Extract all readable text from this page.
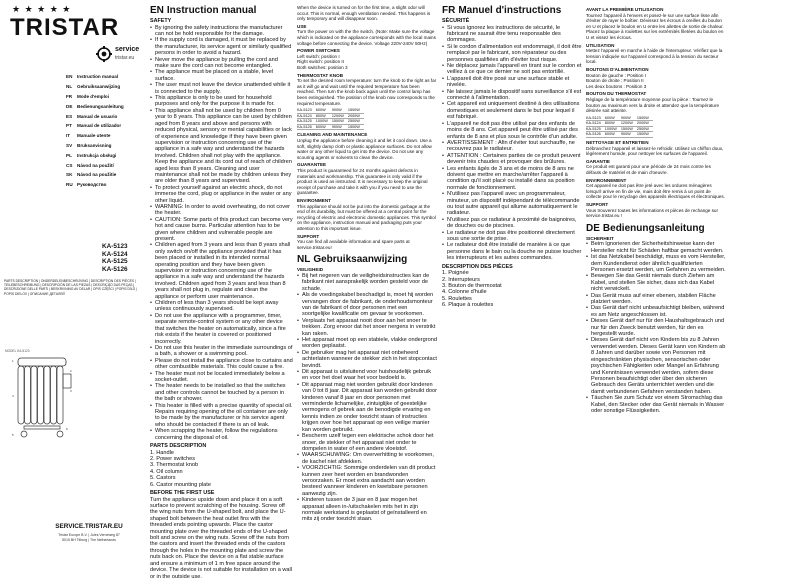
★ ★ ★ ★ ★
TRISTAR
service
tristar.eu
EN	Instruction manual
NL	Gebruiksaanwijzing
FR	Mode d'emploi
DE	Bedienungsanleitung
ES	Manual de usuario
PT	Manual de utilizador
IT	Manuale utente
SV	Bruksanvisning
PL	Instrukcja obsługi
CS	Návod na použití
SK	Návod na použitie
RU Руководство
KA-5123
KA-5124
KA-5125
KA-5126
PARTS DESCRIPTION | ONDERDELENBESCHRIJVING | DESCRIPTION DES PIÈCES | TEILEBESCHREIBUNG | DESCRIPCIÓN DE LAS PIEZAS | DESCRIÇÃO DAS PEÇAS | DESCRIZIONE DELLE PARTI | BESKRIVNING AV DELAR | OPIS CZĘŚCI | POPIS DÍLŮ | POPIS DIELOV | ОПИСАНИЕ ДЕТАЛЕЙ
MODEL KA-5123
1
2
3
4
5
6
SERVICE.TRISTAR.EU
Tristar Europe B.V. | Jules Verneweg 87
5015 BH Tilburg | The Netherlands
EN Instruction manual
SAFETY
• By ignoring the safety instructions the manufacturer can not be hold responsible for the damage.
• If the supply cord is damaged, it must be replaced by the manufacturer, its service agent or similarly qualified persons in order to avoid a hazard.
• Never move the appliance by pulling the cord and make sure the cord can not become entangled.
• The appliance must be placed on a stable, level surface.
• The user must not leave the device unattended while it is connected to the supply.
• This appliance is only to be used for household purposes and only for the purpose it is made for.
• This appliance shall not be used by children from 0 year to 8 years. This appliance can be used by children aged from 8 years and above and persons with reduced physical, sensory or mental capabilities or lack of experience and knowledge if they have been given supervision or instruction concerning use of the appliance in a safe way and understand the hazards involved. Children shall not play with the appliance. Keep the appliance and its cord out of reach of children aged less than 8 years. Cleaning and user maintenance shall not be made by children unless they are older than 8 years and supervised.
• To protect yourself against an electric shock, do not immerse the cord, plug or appliance in the water or any other liquid.
• WARNING: In order to avoid overheating, do not cover the heater.
• CAUTION: Some parts of this product can become very hot and cause burns. Particular attention has to be given where children and vulnerable people are present.
• Children aged from 3 years and less than 8 years shall only switch on/off the appliance provided that it has been placed or installed in its intended normal operating position and they have been given supervision or instruction concerning use of the appliance in a safe way and understand the hazards involved. Children aged from 3 years and less than 8 years shall not plug in, regulate and clean the appliance or perform user maintenance.
• Children of less than 3 years should be kept away unless continuously supervised.
• Do not use the appliance with a programmer, timer, separate remote-control system or any other device that switches the heater on automatically, since a fire risk exists if the heater is covered or positioned incorrectly.
• Do not use this heater in the immediate surroundings of a bath, a shower or a swimming pool.
• Please do not install the appliance close to curtains and other combustible materials. This could cause a fire.
• The heater must not be located immediately below a socket-outlet.
• The heater needs to be installed so that the switches and other controls cannot be touched by a person in the bath or shower.
• This heater is filled with a precise quantity of special oil. Repairs requiring opening of the oil container are only to be made by the manufacturer or his service agent who should be contacted if there is an oil leak.
• When scrapping the heater, follow the regulations concerning the disposal of oil.
PARTS DESCRIPTION
1. Handle
2. Power switches
3. Thermostat knob
4. Oil column
5. Castors
6. Castor mounting plate
BEFORE THE FIRST USE
Turn the appliance upside down and place it on a soft surface to prevent scratching of the housing. Screw off the wing nuts from the U-shaped bolt, and place the U-shaped bolt between the heat outlet fins with the threaded ends pointing upwards. Place the castor mounting plate over the threaded ends of the U-shaped bolt and screw on the wing nuts. Screw off the nuts from the castors and insert the threaded ends of the castors through the holes in the mounting plate and screw the nuts back on. Place the device on a flat stable surface and ensure a minimum of 1 m free space around the device. The device is not suitable for installation on a wall or in the outside use.
When the device is turned on for the first time, a slight odor will occur. This is normal, enough ventilation needed. This happens is only temporary and will disappear soon.
USE
Turn the power on with the the switch. (Note: Make sure the voltage which is indicated on the appliance corresponds with the local mains voltage before connecting the device. Voltage 220V-240V 50Hz)
POWER SWITCHES
Left switch: position I
Right switch: position II
Both switches: position 3
THERMOSTAT KNOB
To set the desired room temperature: turn the knob to the right as far as it will go and wait until the required temperature has been reached. Then turn the knob back again until the control lamp has been extinguished. The position of the knob now corresponds to the required temperature.
KA-5123	600W	900W	1500W
KA-5124	800W	1200W	2000W
KA-5125	1000W	1500W	2500W
KA-5126	600W	900W	1500W
CLEANING AND MAINTENANCE
Unplug the appliance before cleaning it and let it cool down. Use a soft, slightly damp cloth or plastic appliance surfaces. Do not allow water or any other liquid to get into the device. Do not use any scouring agents or solvents to clean the device.
GUARANTEE
This product is guaranteed for 24 months against defects in materials and workmanship. This guarantee is only valid if the product is used as instructed. It is necessary to keep the original receipt of purchase and take it with you if you need to use the guarantee.
ENVIRONMENT
This appliance should not be put into the domestic garbage at the end of its durability, but must be offered at a central point for the recycling of electric and electronic domestic appliances. This symbol on the appliance, instruction manual and packaging puts your attention to this important issue.
SUPPORT
You can find all available information and spare parts at service.tristar.eu!
NL Gebruiksaanwijzing
VEILIGHEID
• Bij het negeren van de veiligheidsinstructies kan de fabrikant niet aansprakelijk worden gesteld voor de schade.
• Als de voedingskabel beschadigd is, moet hij worden vervangen door de fabrikant, de onderhoudsmonteur van de fabrikant of door personen met een soortgelijke kwalificatie om gevaar te voorkomen.
• Verplaats het apparaat nooit door aan het snoer te trekken. Zorg ervoor dat het snoer nergens in verstrikt kan raken.
• Het apparaat moet op een stabiele, vlakke ondergrond worden geplaatst.
• De gebruiker mag het apparaat niet onbeheerd achterlaten wanneer de stekker zich in het stopcontact bevindt.
• Dit apparaat is uitsluitend voor huishoudelijk gebruik en voor het doel waar het voor bedoeld is.
• Dit apparaat mag niet worden gebruikt door kinderen van 0 tot 8 jaar. Dit apparaat kan worden gebruikt door kinderen vanaf 8 jaar en door personen met verminderde lichamelijke, zintuiglijke of geestelijke vermogens of gebrek aan de benodigde ervaring en kennis indien ze onder toezicht staan of instructies krijgen over hoe het apparaat op een veilige manier kan worden gebruikt.
• Bescherm uzelf tegen een elektrische schok door het snoer, de stekker of het apparaat niet onder te dompelen in water of een andere vloeistof.
• WAARSCHUWING: Om oververhitting te voorkomen, de kachel niet afdekken.
• VOORZICHTIG: Sommige onderdelen van dit product kunnen zeer heet worden en brandwonden veroorzaken. Er moet extra aandacht aan worden besteed wanneer kinderen en kwetsbare personen aanwezig zijn.
• Kinderen tussen de 3 jaar en 8 jaar mogen het apparaat alleen in-/uitschakelen mits het in zijn normale werkstand is geplaatst of geïnstalleerd en mits zij onder toezicht staan.
FR Manuel d'instructions
SÉCURITÉ
• Si vous ignorez les instructions de sécurité, le fabricant ne saurait être tenu responsable des dommages.
• Si le cordon d'alimentation est endommagé, il doit être remplacé par le fabricant, son réparateur ou des personnes qualifiées afin d'éviter tout risque.
• Ne déplacez jamais l'appareil en tirant sur le cordon et veillez à ce que ce dernier ne soit pas entortillé.
• L'appareil doit être posé sur une surface stable et nivelée.
• Ne laissez jamais le dispositif sans surveillance s'il est connecté à l'alimentation.
• Cet appareil est uniquement destiné à des utilisations domestiques et seulement dans le but pour lequel il est fabriqué.
• L'appareil ne doit pas être utilisé par des enfants de moins de 8 ans. Cet appareil peut être utilisé par des enfants de 8 ans et plus sous le contrôle d'un adulte.
• AVERTISSEMENT : Afin d'éviter tout surchauffe, ne recouvrez pas le radiateur.
• ATTENTION : Certaines parties de ce produit peuvent devenir très chaudes et provoquer des brûlures.
• Les enfants âgés de 3 ans et de moins de 8 ans ne doivent que mettre en marche/arrêter l'appareil à condition qu'il soit placé ou installé dans sa position normale de fonctionnement.
• N'utilisez pas l'appareil avec un programmateur, minuteur, un dispositif indépendant de télécommande ou tout autre appareil qui allume automatiquement le radiateur.
• N'utilisez pas ce radiateur à proximité de baignoires, de douches ou de piscines.
• Le radiateur ne doit pas être positionné directement sous une sortie de prise.
• Le radiateur doit être installé de manière à ce que personne dans le bain ou la douche ne puisse toucher les interrupteurs et les autres commandes.
DESCRIPTION DES PIÈCES
1. Poignée
2. Interrupteurs
3. Bouton de thermostat
4. Colonne d'huile
5. Roulettes
6. Plaque à roulettes
AVANT LA PREMIÈRE UTILISATION
Tournez l'appareil à l'envers et posez-le sur une surface lisse afin d'éviter de rayer le boîtier. Dévissez les écrous à oreilles du boulon en U et placez le boulon en U entre les ailettes de sortie de chaleur. Placez la plaque à roulettes sur les extrémités filetées du boulon en U et vissez les écrous.
UTILISATION
Mettez l'appareil en marche à l'aide de l'interrupteur. Vérifiez que la tension indiquée sur l'appareil correspond à la tension du secteur local.
BOUTONS D'ALIMENTATION
Bouton de gauche : Position I
Bouton de droite : Position II
Les deux boutons : Position 3
BOUTON DU THERMOSTAT
Réglage de la température moyenne pour la pièce : Tournez le bouton au maximum vers la droite et attendez que la température désirée soit atteinte.
KA-5123	600W	900W	1500W
KA-5124	800W	1200W	2000W
KA-5125	1000W	1500W	2500W
KA-5126	600W	900W	1500W
NETTOYAGE ET ENTRETIEN
Débranchez l'appareil et laissez-le refroidir. Utilisez un chiffon doux, légèrement humide, pour nettoyer les surfaces de l'appareil.
GARANTIE
Ce produit est garanti pour une période de 24 mois contre les défauts de matériel et de main d'oeuvre.
ENVIRONNEMENT
Cet appareil ne doit pas être jeté avec les ordures ménagères lorsqu'il arrive en fin de vie, mais doit être remis à un point de collecte pour le recyclage des appareils électriques et électroniques.
SUPPORT
Vous trouverez toutes les informations et pièces de rechange sur service.tristar.eu !
DE Bedienungsanleitung
SICHERHEIT
• Beim Ignorieren der Sicherheitshinweise kann der Hersteller nicht für Schäden haftbar gemacht werden.
• Ist das Netzkabel beschädigt, muss es vom Hersteller, dem Kundendienst oder ähnlich qualifizierten Personen ersetzt werden, um Gefahren zu vermeiden.
• Bewegen Sie das Gerät niemals durch Ziehen am Kabel, und stellen Sie sicher, dass sich das Kabel nicht verwickelt.
• Das Gerät muss auf einer ebenen, stabilen Fläche platziert werden.
• Das Gerät darf nicht unbeaufsichtigt bleiben, während es am Netz angeschlossen ist.
• Dieses Gerät darf nur für den Haushaltsgebrauch und nur für den Zweck benutzt werden, für den es hergestellt wurde.
• Dieses Gerät darf nicht von Kindern bis zu 8 Jahren verwendet werden. Dieses Gerät kann von Kindern ab 8 Jahren und darüber sowie von Personen mit eingeschränkten physischen, sensorischen oder psychischen Fähigkeiten oder Mangel an Erfahrung und Kenntnissen verwendet werden, sofern diese Personen beaufsichtigt oder über den sicheren Gebrauch des Geräts unterrichtet werden und die damit verbundenen Gefahren verstanden haben.
• Täuchen Sie zum Schutz vor einem Stromschlag das Kabel, den Stecker oder das Gerät niemals in Wasser oder sonstige Flüssigkeiten.
